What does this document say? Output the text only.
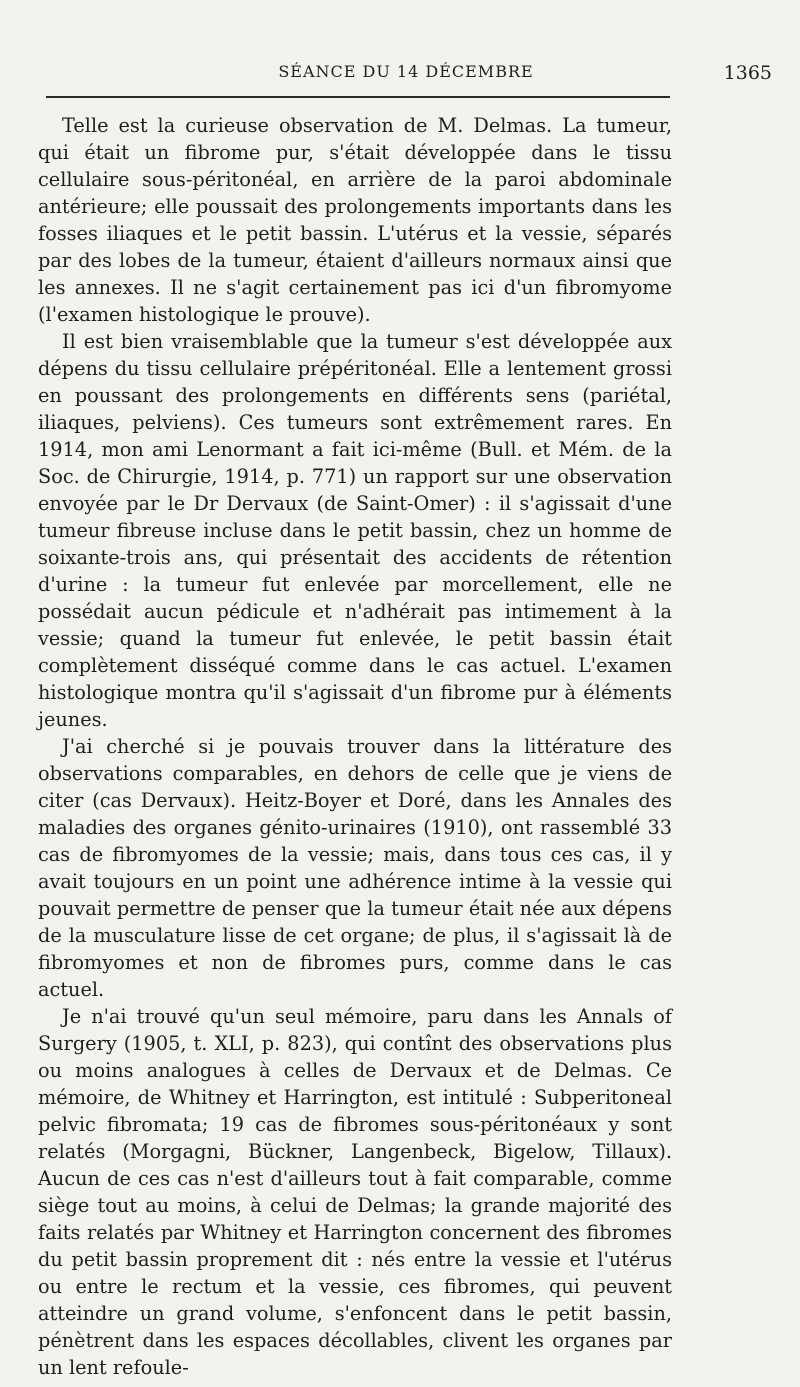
SÉANCE DU 14 DÉCEMBRE	1365

Telle est la curieuse observation de M. Delmas. La tumeur, qui était un fibrome pur, s'était développée dans le tissu cellulaire sous-péritonéal, en arrière de la paroi abdominale antérieure; elle poussait des prolongements importants dans les fosses iliaques et le petit bassin. L'utérus et la vessie, séparés par des lobes de la tumeur, étaient d'ailleurs normaux ainsi que les annexes. Il ne s'agit certainement pas ici d'un fibromyome (l'examen histologique le prouve).

Il est bien vraisemblable que la tumeur s'est développée aux dépens du tissu cellulaire prépéritonéal. Elle a lentement grossi en poussant des prolongements en différents sens (pariétal, iliaques, pelviens). Ces tumeurs sont extrêmement rares. En 1914, mon ami Lenormant a fait ici-même (Bull. et Mém. de la Soc. de Chirurgie, 1914, p. 771) un rapport sur une observation envoyée par le Dr Dervaux (de Saint-Omer) : il s'agissait d'une tumeur fibreuse incluse dans le petit bassin, chez un homme de soixante-trois ans, qui présentait des accidents de rétention d'urine : la tumeur fut enlevée par morcellement, elle ne possédait aucun pédicule et n'adhérait pas intimement à la vessie; quand la tumeur fut enlevée, le petit bassin était complètement disséqué comme dans le cas actuel. L'examen histologique montra qu'il s'agissait d'un fibrome pur à éléments jeunes.

J'ai cherché si je pouvais trouver dans la littérature des observations comparables, en dehors de celle que je viens de citer (cas Dervaux). Heitz-Boyer et Doré, dans les Annales des maladies des organes génito-urinaires (1910), ont rassemblé 33 cas de fibromyomes de la vessie; mais, dans tous ces cas, il y avait toujours en un point une adhérence intime à la vessie qui pouvait permettre de penser que la tumeur était née aux dépens de la musculature lisse de cet organe; de plus, il s'agissait là de fibromyomes et non de fibromes purs, comme dans le cas actuel.

Je n'ai trouvé qu'un seul mémoire, paru dans les Annals of Surgery (1905, t. XLI, p. 823), qui contînt des observations plus ou moins analogues à celles de Dervaux et de Delmas. Ce mémoire, de Whitney et Harrington, est intitulé : Subperitoneal pelvic fibromata; 19 cas de fibromes sous-péritonéaux y sont relatés (Morgagni, Bückner, Langenbeck, Bigelow, Tillaux). Aucun de ces cas n'est d'ailleurs tout à fait comparable, comme siège tout au moins, à celui de Delmas; la grande majorité des faits relatés par Whitney et Harrington concernent des fibromes du petit bassin proprement dit : nés entre la vessie et l'utérus ou entre le rectum et la vessie, ces fibromes, qui peuvent atteindre un grand volume, s'enfoncent dans le petit bassin, pénètrent dans les espaces décollables, clivent les organes par un lent refoule-
